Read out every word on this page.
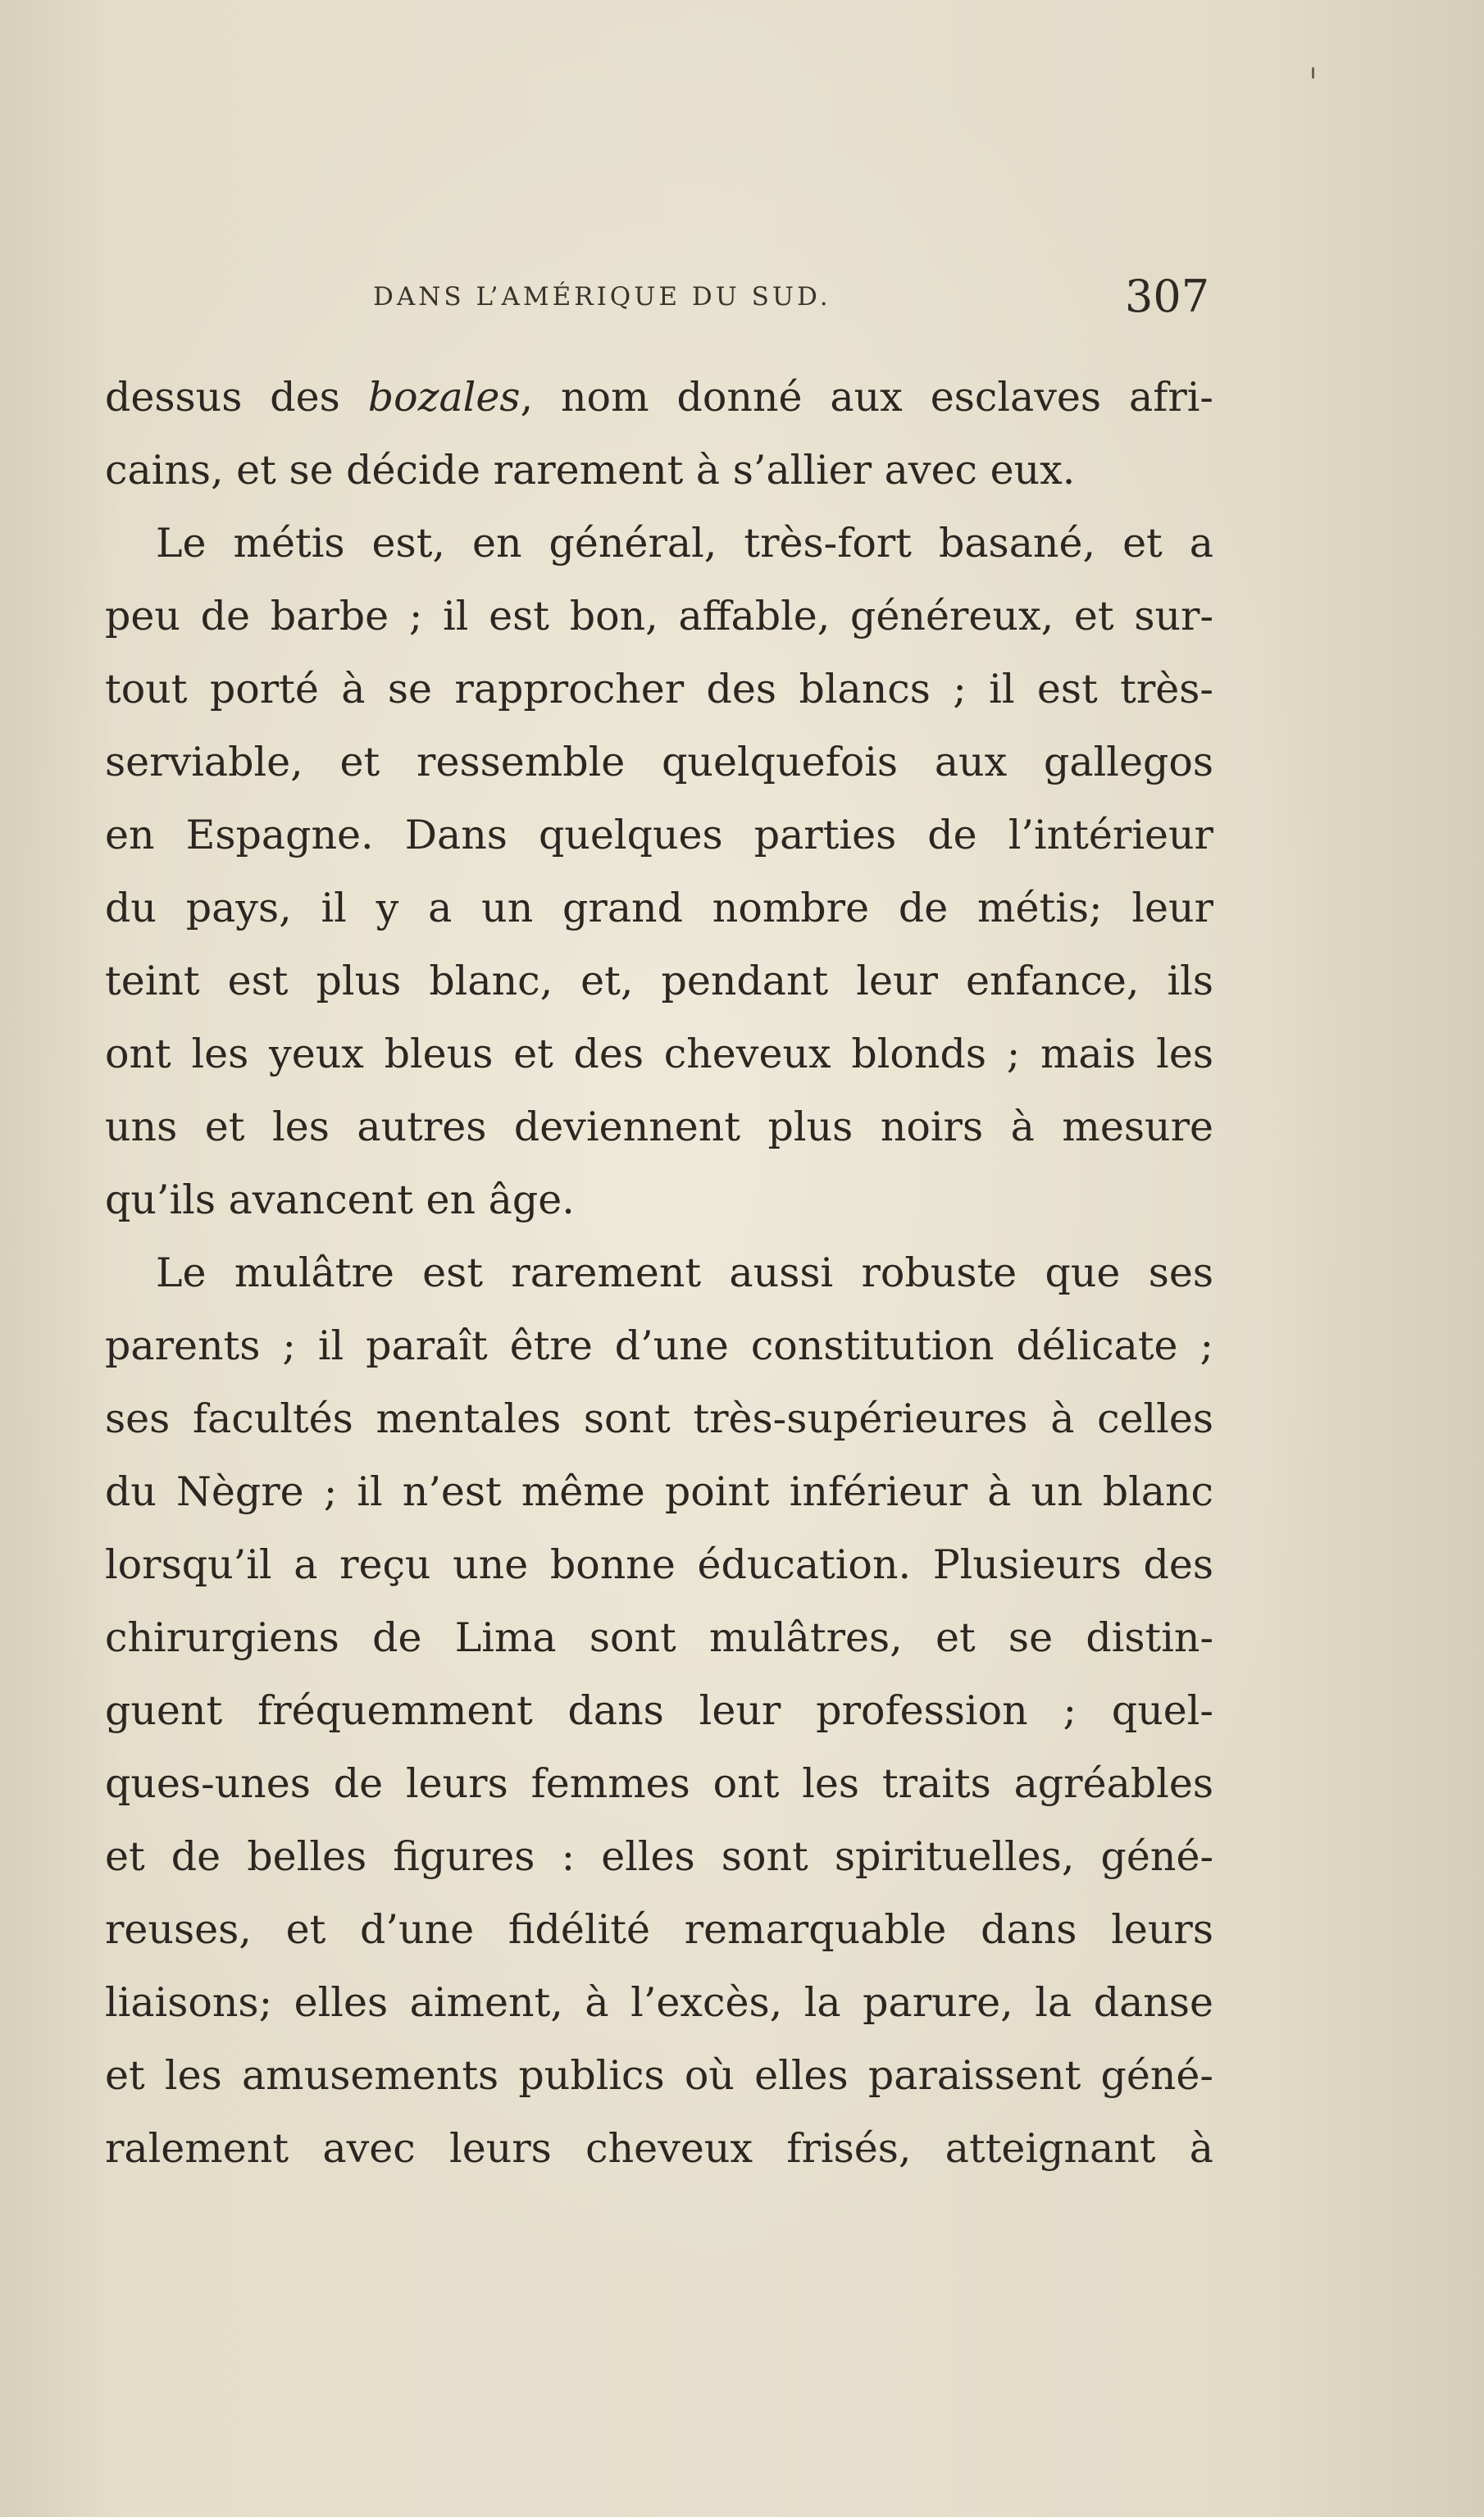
DANS L’AMÉRIQUE DU SUD.	307
dessus des bozales, nom donné aux esclaves afri-
cains, et se décide rarement à s’allier avec eux.
Le métis est, en général, très-fort basané, et a
peu de barbe ; il est bon, affable, généreux, et sur-
tout porté à se rapprocher des blancs ; il est très-
serviable, et ressemble quelquefois aux gallegos
en Espagne. Dans quelques parties de l’intérieur
du pays, il y a un grand nombre de métis; leur
teint est plus blanc, et, pendant leur enfance, ils
ont les yeux bleus et des cheveux blonds ; mais les
uns et les autres deviennent plus noirs à mesure
qu’ils avancent en âge.
Le mulâtre est rarement aussi robuste que ses
parents ; il paraît être d’une constitution délicate ;
ses facultés mentales sont très-supérieures à celles
du Nègre ; il n’est même point inférieur à un blanc
lorsqu’il a reçu une bonne éducation. Plusieurs des
chirurgiens de Lima sont mulâtres, et se distin-
guent fréquemment dans leur profession ; quel-
ques-unes de leurs femmes ont les traits agréables
et de belles figures : elles sont spirituelles, géné-
reuses, et d’une fidélité remarquable dans leurs
liaisons; elles aiment, à l’excès, la parure, la danse
et les amusements publics où elles paraissent géné-
ralement avec leurs cheveux frisés, atteignant à
